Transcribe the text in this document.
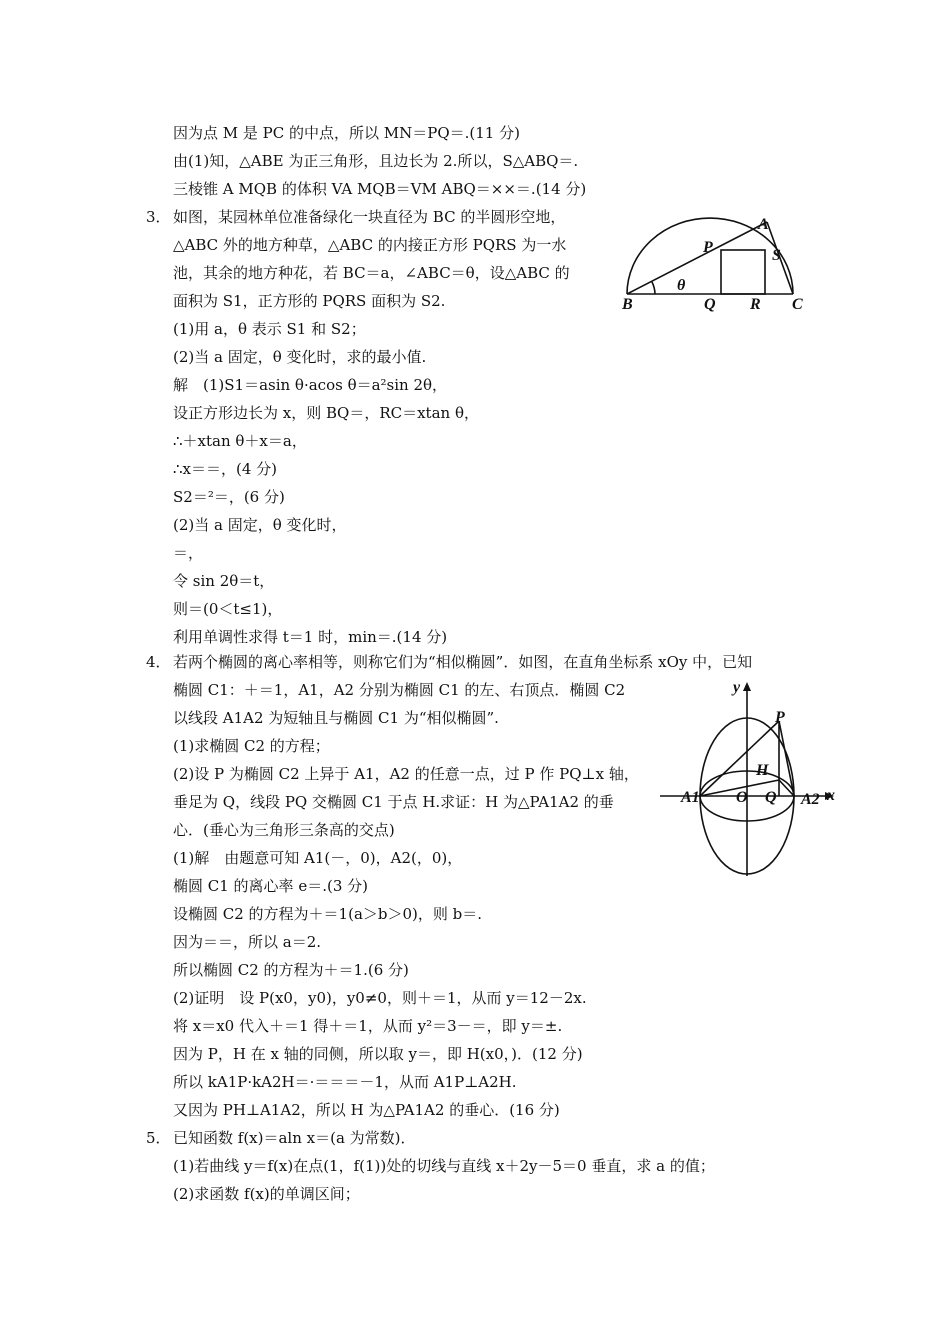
因为点 M 是 PC 的中点，所以 MN＝PQ＝.(11 分)
由(1)知，△ABE 为正三角形，且边长为 2.所以，S△ABQ＝.
三棱锥 A MQB 的体积 VA MQB＝VM ABQ＝××＝.(14 分)
3． 如图，某园林单位准备绿化一块直径为 BC 的半圆形空地，
△ABC 外的地方种草，△ABC 的内接正方形 PQRS 为一水
池，其余的地方种花，若 BC＝a，∠ABC＝θ，设△ABC 的
面积为 S1，正方形的 PQRS 面积为 S2.
(1)用 a，θ 表示 S1 和 S2；
(2)当 a 固定，θ 变化时，求的最小值.
解　(1)S1＝asin θ·acos θ＝a²sin 2θ，
设正方形边长为 x，则 BQ＝，RC＝xtan θ，
∴＋xtan θ＋x＝a，
∴x＝＝，(4 分)
S2＝²＝，(6 分)
(2)当 a 固定，θ 变化时，
＝，
令 sin 2θ＝t，
则＝(0＜t≤1)，
利用单调性求得 t＝1 时，min＝.(14 分)
B	Q R C
P
A
S
θ
4． 若两个椭圆的离心率相等，则称它们为“相似椭圆”．如图，在直角坐标系 xOy 中，已知
椭圆 C1：＋＝1，A1，A2 分别为椭圆 C1 的左、右顶点．椭圆 C2
以线段 A1A2 为短轴且与椭圆 C1 为“相似椭圆”.
(1)求椭圆 C2 的方程；
(2)设 P 为椭圆 C2 上异于 A1，A2 的任意一点，过 P 作 PQ⊥x 轴，
垂足为 Q，线段 PQ 交椭圆 C1 于点 H.求证：H 为△PA1A2 的垂
心．(垂心为三角形三条高的交点)
(1)解　由题意可知 A1(－，0)，A2(，0)，
椭圆 C1 的离心率 e＝.(3 分)
设椭圆 C2 的方程为＋＝1(a＞b＞0)，则 b＝.
因为＝＝，所以 a＝2.
所以椭圆 C2 的方程为＋＝1.(6 分)
(2)证明　设 P(x0，y0)，y0≠0，则＋＝1，从而 y＝12－2x.
将 x＝x0 代入＋＝1 得＋＝1，从而 y²＝3－＝，即 y＝±.
因为 P，H 在 x 轴的同侧，所以取 y＝，即 H(x0，)．(12 分)
所以 kA1P·kA2H＝·＝＝＝－1，从而 A1P⊥A2H.
又因为 PH⊥A1A2，所以 H 为△PA1A2 的垂心．(16 分)
y
P
H
A1 O Q A2 x
5． 已知函数 f(x)＝aln x＝(a 为常数)．
(1)若曲线 y＝f(x)在点(1，f(1))处的切线与直线 x＋2y－5＝0 垂直，求 a 的值；
(2)求函数 f(x)的单调区间；
